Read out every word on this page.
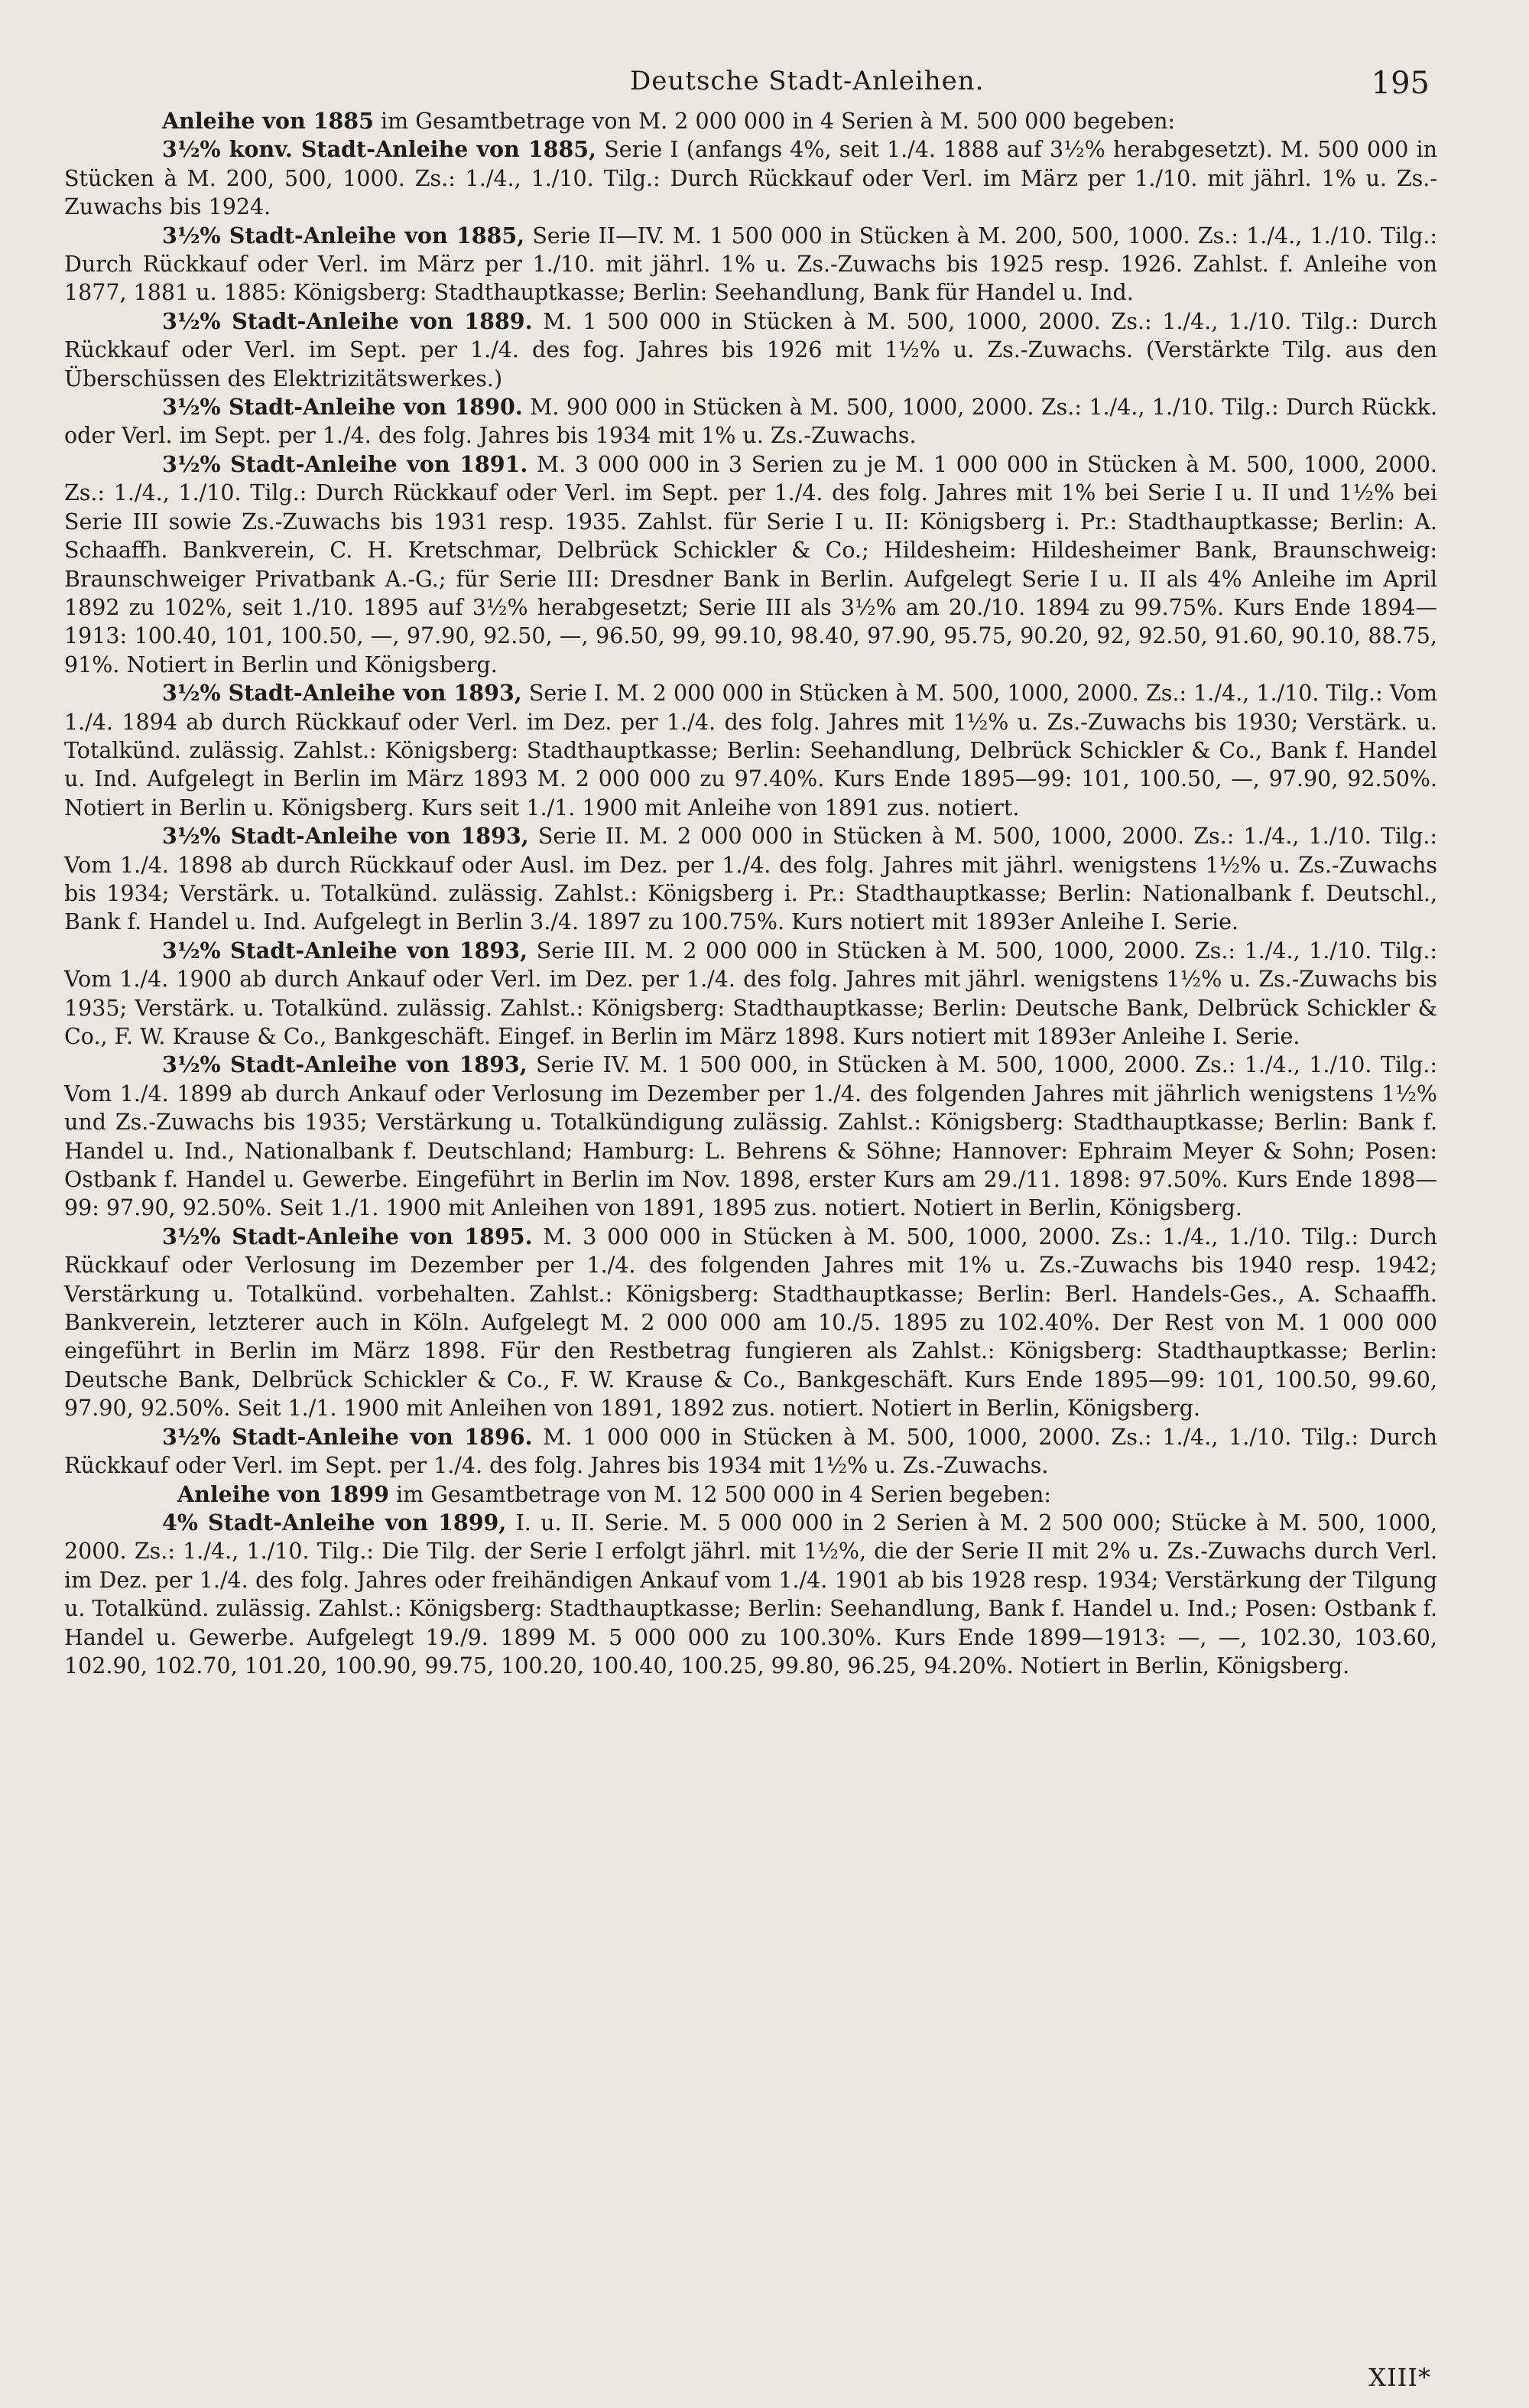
Deutsche Stadt-Anleihen.	195

Anleihe von 1885 im Gesamtbetrage von M. 2 000 000 in 4 Serien à M. 500 000 begeben:

3½% konv. Stadt-Anleihe von 1885, Serie I (anfangs 4%, seit 1./4. 1888 auf 3½% herabgesetzt). M. 500 000 in Stücken à M. 200, 500, 1000. Zs.: 1./4., 1./10. Tilg.: Durch Rückkauf oder Verl. im März per 1./10. mit jährl. 1% u. Zs.-Zuwachs bis 1924.

3½% Stadt-Anleihe von 1885, Serie II—IV. M. 1 500 000 in Stücken à M. 200, 500, 1000. Zs.: 1./4., 1./10. Tilg.: Durch Rückkauf oder Verl. im März per 1./10. mit jährl. 1% u. Zs.-Zuwachs bis 1925 resp. 1926. Zahlst. f. Anleihe von 1877, 1881 u. 1885: Königsberg: Stadthauptkasse; Berlin: Seehandlung, Bank für Handel u. Ind.

3½% Stadt-Anleihe von 1889. M. 1 500 000 in Stücken à M. 500, 1000, 2000. Zs.: 1./4., 1./10. Tilg.: Durch Rückkauf oder Verl. im Sept. per 1./4. des fog. Jahres bis 1926 mit 1½% u. Zs.-Zuwachs. (Verstärkte Tilg. aus den Überschüssen des Elektrizitätswerkes.)

3½% Stadt-Anleihe von 1890. M. 900 000 in Stücken à M. 500, 1000, 2000. Zs.: 1./4., 1./10. Tilg.: Durch Rückk. oder Verl. im Sept. per 1./4. des folg. Jahres bis 1934 mit 1% u. Zs.-Zuwachs.

3½% Stadt-Anleihe von 1891. M. 3 000 000 in 3 Serien zu je M. 1 000 000 in Stücken à M. 500, 1000, 2000. Zs.: 1./4., 1./10. Tilg.: Durch Rückkauf oder Verl. im Sept. per 1./4. des folg. Jahres mit 1% bei Serie I u. II und 1½% bei Serie III sowie Zs.-Zuwachs bis 1931 resp. 1935. Zahlst. für Serie I u. II: Königsberg i. Pr.: Stadthauptkasse; Berlin: A. Schaaffh. Bankverein, C. H. Kretschmar, Delbrück Schickler & Co.; Hildesheim: Hildesheimer Bank, Braunschweig: Braunschweiger Privatbank A.-G.; für Serie III: Dresdner Bank in Berlin. Aufgelegt Serie I u. II als 4% Anleihe im April 1892 zu 102%, seit 1./10. 1895 auf 3½% herabgesetzt; Serie III als 3½% am 20./10. 1894 zu 99.75%. Kurs Ende 1894—1913: 100.40, 101, 100.50, —, 97.90, 92.50, —, 96.50, 99, 99.10, 98.40, 97.90, 95.75, 90.20, 92, 92.50, 91.60, 90.10, 88.75, 91%. Notiert in Berlin und Königsberg.

3½% Stadt-Anleihe von 1893, Serie I. M. 2 000 000 in Stücken à M. 500, 1000, 2000. Zs.: 1./4., 1./10. Tilg.: Vom 1./4. 1894 ab durch Rückkauf oder Verl. im Dez. per 1./4. des folg. Jahres mit 1½% u. Zs.-Zuwachs bis 1930; Verstärk. u. Totalkünd. zulässig. Zahlst.: Königsberg: Stadthauptkasse; Berlin: Seehandlung, Delbrück Schickler & Co., Bank f. Handel u. Ind. Aufgelegt in Berlin im März 1893 M. 2 000 000 zu 97.40%. Kurs Ende 1895—99: 101, 100.50, —, 97.90, 92.50%. Notiert in Berlin u. Königsberg. Kurs seit 1./1. 1900 mit Anleihe von 1891 zus. notiert.

3½% Stadt-Anleihe von 1893, Serie II. M. 2 000 000 in Stücken à M. 500, 1000, 2000. Zs.: 1./4., 1./10. Tilg.: Vom 1./4. 1898 ab durch Rückkauf oder Ausl. im Dez. per 1./4. des folg. Jahres mit jährl. wenigstens 1½% u. Zs.-Zuwachs bis 1934; Verstärk. u. Totalkünd. zulässig. Zahlst.: Königsberg i. Pr.: Stadthauptkasse; Berlin: Nationalbank f. Deutschl., Bank f. Handel u. Ind. Aufgelegt in Berlin 3./4. 1897 zu 100.75%. Kurs notiert mit 1893er Anleihe I. Serie.

3½% Stadt-Anleihe von 1893, Serie III. M. 2 000 000 in Stücken à M. 500, 1000, 2000. Zs.: 1./4., 1./10. Tilg.: Vom 1./4. 1900 ab durch Ankauf oder Verl. im Dez. per 1./4. des folg. Jahres mit jährl. wenigstens 1½% u. Zs.-Zuwachs bis 1935; Verstärk. u. Totalkünd. zulässig. Zahlst.: Königsberg: Stadthauptkasse; Berlin: Deutsche Bank, Delbrück Schickler & Co., F. W. Krause & Co., Bankgeschäft. Eingef. in Berlin im März 1898. Kurs notiert mit 1893er Anleihe I. Serie.

3½% Stadt-Anleihe von 1893, Serie IV. M. 1 500 000, in Stücken à M. 500, 1000, 2000. Zs.: 1./4., 1./10. Tilg.: Vom 1./4. 1899 ab durch Ankauf oder Verlosung im Dezember per 1./4. des folgenden Jahres mit jährlich wenigstens 1½% und Zs.-Zuwachs bis 1935; Verstärkung u. Totalkündigung zulässig. Zahlst.: Königsberg: Stadthauptkasse; Berlin: Bank f. Handel u. Ind., Nationalbank f. Deutschland; Hamburg: L. Behrens & Söhne; Hannover: Ephraim Meyer & Sohn; Posen: Ostbank f. Handel u. Gewerbe. Eingeführt in Berlin im Nov. 1898, erster Kurs am 29./11. 1898: 97.50%. Kurs Ende 1898—99: 97.90, 92.50%. Seit 1./1. 1900 mit Anleihen von 1891, 1895 zus. notiert. Notiert in Berlin, Königsberg.

3½% Stadt-Anleihe von 1895. M. 3 000 000 in Stücken à M. 500, 1000, 2000. Zs.: 1./4., 1./10. Tilg.: Durch Rückkauf oder Verlosung im Dezember per 1./4. des folgenden Jahres mit 1% u. Zs.-Zuwachs bis 1940 resp. 1942; Verstärkung u. Totalkünd. vorbehalten. Zahlst.: Königsberg: Stadthauptkasse; Berlin: Berl. Handels-Ges., A. Schaaffh. Bankverein, letzterer auch in Köln. Aufgelegt M. 2 000 000 am 10./5. 1895 zu 102.40%. Der Rest von M. 1 000 000 eingeführt in Berlin im März 1898. Für den Restbetrag fungieren als Zahlst.: Königsberg: Stadthauptkasse; Berlin: Deutsche Bank, Delbrück Schickler & Co., F. W. Krause & Co., Bankgeschäft. Kurs Ende 1895—99: 101, 100.50, 99.60, 97.90, 92.50%. Seit 1./1. 1900 mit Anleihen von 1891, 1892 zus. notiert. Notiert in Berlin, Königsberg.

3½% Stadt-Anleihe von 1896. M. 1 000 000 in Stücken à M. 500, 1000, 2000. Zs.: 1./4., 1./10. Tilg.: Durch Rückkauf oder Verl. im Sept. per 1./4. des folg. Jahres bis 1934 mit 1½% u. Zs.-Zuwachs.

Anleihe von 1899 im Gesamtbetrage von M. 12 500 000 in 4 Serien begeben:

4% Stadt-Anleihe von 1899, I. u. II. Serie. M. 5 000 000 in 2 Serien à M. 2 500 000; Stücke à M. 500, 1000, 2000. Zs.: 1./4., 1./10. Tilg.: Die Tilg. der Serie I erfolgt jährl. mit 1½%, die der Serie II mit 2% u. Zs.-Zuwachs durch Verl. im Dez. per 1./4. des folg. Jahres oder freihändigen Ankauf vom 1./4. 1901 ab bis 1928 resp. 1934; Verstärkung der Tilgung u. Totalkünd. zulässig. Zahlst.: Königsberg: Stadthauptkasse; Berlin: Seehandlung, Bank f. Handel u. Ind.; Posen: Ostbank f. Handel u. Gewerbe. Aufgelegt 19./9. 1899 M. 5 000 000 zu 100.30%. Kurs Ende 1899—1913: —, —, 102.30, 103.60, 102.90, 102.70, 101.20, 100.90, 99.75, 100.20, 100.40, 100.25, 99.80, 96.25, 94.20%. Notiert in Berlin, Königsberg.

XIII*
